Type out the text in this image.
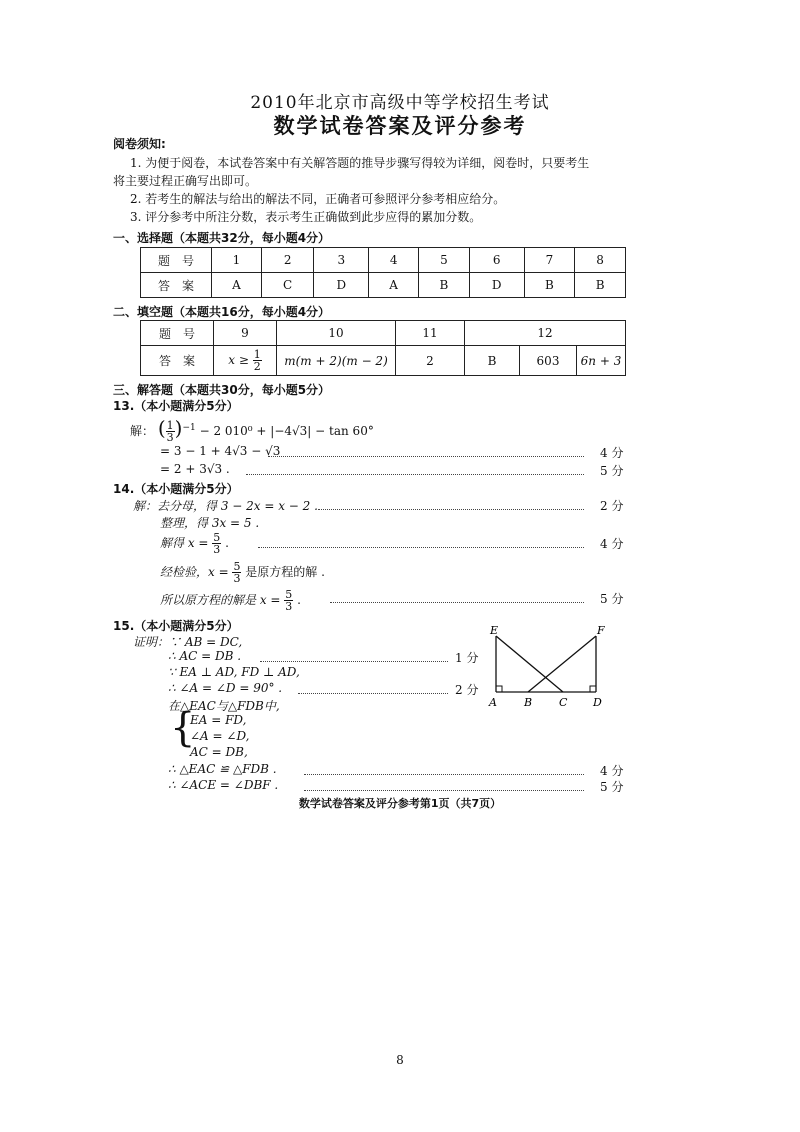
2010年北京市高级中等学校招生考试
数学试卷答案及评分参考
阅卷须知:
1. 为便于阅卷，本试卷答案中有关解答题的推导步骤写得较为详细，阅卷时，只要考生
将主要过程正确写出即可。
2. 若考生的解法与给出的解法不同，正确者可参照评分参考相应给分。
3. 评分参考中所注分数，表示考生正确做到此步应得的累加分数。
一、选择题（本题共32分，每小题4分）
题　号	1	2	3	4	5	6	7	8
答　案	A	C	D	A	B	D	B	B
二、填空题（本题共16分，每小题4分）
题　号	9	10	11	12		
答　案	$x \ge \frac{1}{2}$	m(m + 2)(m − 2)	2	B	603	6n + 3
三、解答题（本题共30分，每小题5分）
13.（本小题满分5分）
解： ( $\frac{1}{3} )^{-1} - 2$ 010⁰ + |−4√3| − tan 60°
= 3 − 1 + 4√3 − √3	4 分
= 2 + 3√3 .	5 分
14.（本小题满分5分）
解：去分母，得 3 − 2x = x − 2 .	2 分
整理，得 3x = 5 .
解得 $x = \frac{5}{3}$ .	4 分
经检验，$x = \frac{5}{3}$ 是原方程的解 .
所以原方程的解是 $x = \frac{5}{3}$ .	5 分
15.（本小题满分5分）
证明：∵ AB = DC,
∴ AC = DB .	1 分
∵ EA ⊥ AD, FD ⊥ AD,
∴ ∠A = ∠D = 90° .	2 分
在△EAC与△FDB中,
{
EA = FD,
∠A = ∠D,
AC = DB,
∴ △EAC ≌ △FDB .	4 分
∴ ∠ACE = ∠DBF .	5 分
E	F
A B C D
数学试卷答案及评分参考第1页（共7页）
8
